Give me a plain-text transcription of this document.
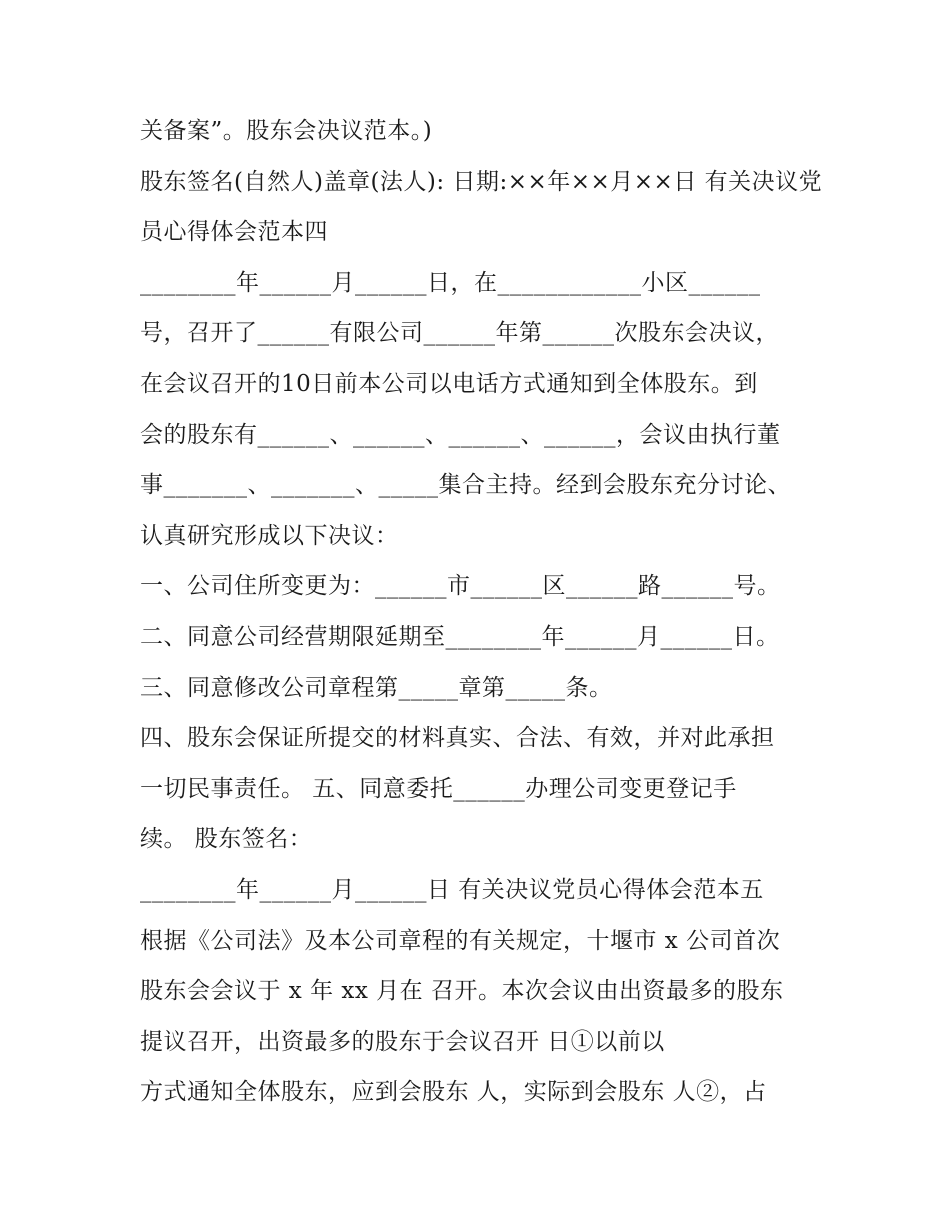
关备案”。股东会决议范本。)
股东签名(自然人)盖章(法人): 日期:××年××月××日 有关决议党
员心得体会范本四
________年______月______日，在____________小区______
号，召开了______有限公司______年第______次股东会决议，
在会议召开的10日前本公司以电话方式通知到全体股东。到
会的股东有______、______、______、______，会议由执行董
事_______、_______、_____集合主持。经到会股东充分讨论、
认真研究形成以下决议：
一、公司住所变更为：______市______区______路______号。
二、同意公司经营期限延期至________年______月______日。
三、同意修改公司章程第_____章第_____条。
四、股东会保证所提交的材料真实、合法、有效，并对此承担
一切民事责任。 五、同意委托______办理公司变更登记手
续。 股东签名：
________年______月______日 有关决议党员心得体会范本五
根据《公司法》及本公司章程的有关规定，十堰市 x 公司首次
股东会会议于 x 年 xx 月在 召开。本次会议由出资最多的股东
提议召开，出资最多的股东于会议召开 日①以前以
方式通知全体股东，应到会股东 人，实际到会股东 人②，占
